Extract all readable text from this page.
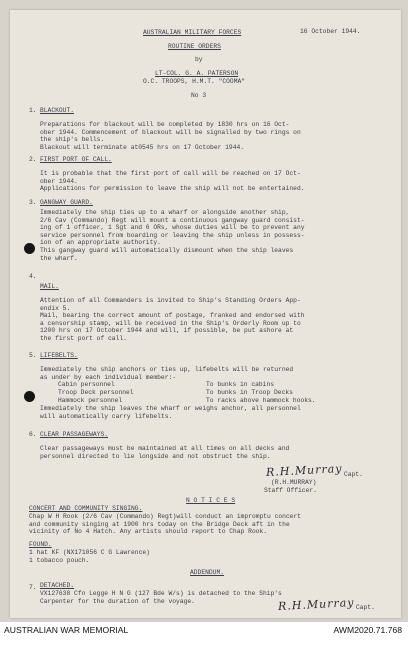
AUSTRALIAN MILITARY FORCES	16 October 1944.
ROUTINE ORDERS
by
LT-COL. G. A. PATERSON
O.C. TROOPS, H.M.T. "COOMA"
No 3
1. BLACKOUT.
Preparations for blackout will be completed by 1830 hrs on 16 Oct-
ober 1944. Commencement of blackout will be signalled by two rings on
the ship's bells.
Blackout will terminate at0545 hrs on 17 October 1944.
2. FIRST PORT OF CALL.
It is probable that the first port of call will be reached on 17 Oct-
ober 1944.
Applications for permission to leave the ship will not be entertained.
3. GANGWAY GUARD.
Immediately the ship ties up to a wharf or alongside another ship,
2/6 Cav (Commando) Regt will mount a continuous gangway guard consist-
ing of 1 officer, 1 Sgt and 6 ORs, whose duties will be to prevent any
service personnel from boarding or leaving the ship unless in possess-
ion of an appropriate authority.
This gangway guard will automatically dismount when the ship leaves
the wharf.
4.
MAIL.
Attention of all Commanders is invited to Ship's Standing Orders App-
endix 5.
Mail, bearing the correct amount of postage, franked and endorsed with
a censorship stamp, will be received in the Ship's Orderly Room up to
1200 hrs on 17 October 1944 and will, if possible, be put ashore at
the first port of call.
5. LIFEBELTS.
Immediately the ship anchors or ties up, lifebelts will be returned
as under by each individual member:-
Cabin personnel	To bunks in cabins
Troop Deck personnel	To bunks in Troop Decks
Hammock personnel	To racks above hammock hooks.
Immediately the ship leaves the wharf or weighs anchor, all personnel
will automatically carry lifebelts.
6. CLEAR PASSAGEWAYS.
Clear passageways must be maintained at all times on all decks and
personnel directed to lie longside and not obstruct the ship.
R.H.Murray Capt.
(R.H.MURRAY)
Staff Officer.
N O T I C E S
CONCERT AND COMMUNITY SINGING.
Chap W H Rook (2/6 Cav (Commando) Regt)will conduct an impromptu concert
and community singing at 1900 hrs today on the Bridge Deck aft in the
vicinity of No 4 Hatch. Any artists should report to Chap Rook.
FOUND.
1 hat KF (NX171056 C G Lawrence)
1 tobacco pouch.
ADDENDUM.
7. DETACHED.
VX127638 Cfn Legge H N G (127 Bde W/s) is detached to the Ship's
Carpenter for the duration of the voyage.	R.H.Murray Capt.
AUSTRALIAN WAR MEMORIAL	AWM2020.71.768
